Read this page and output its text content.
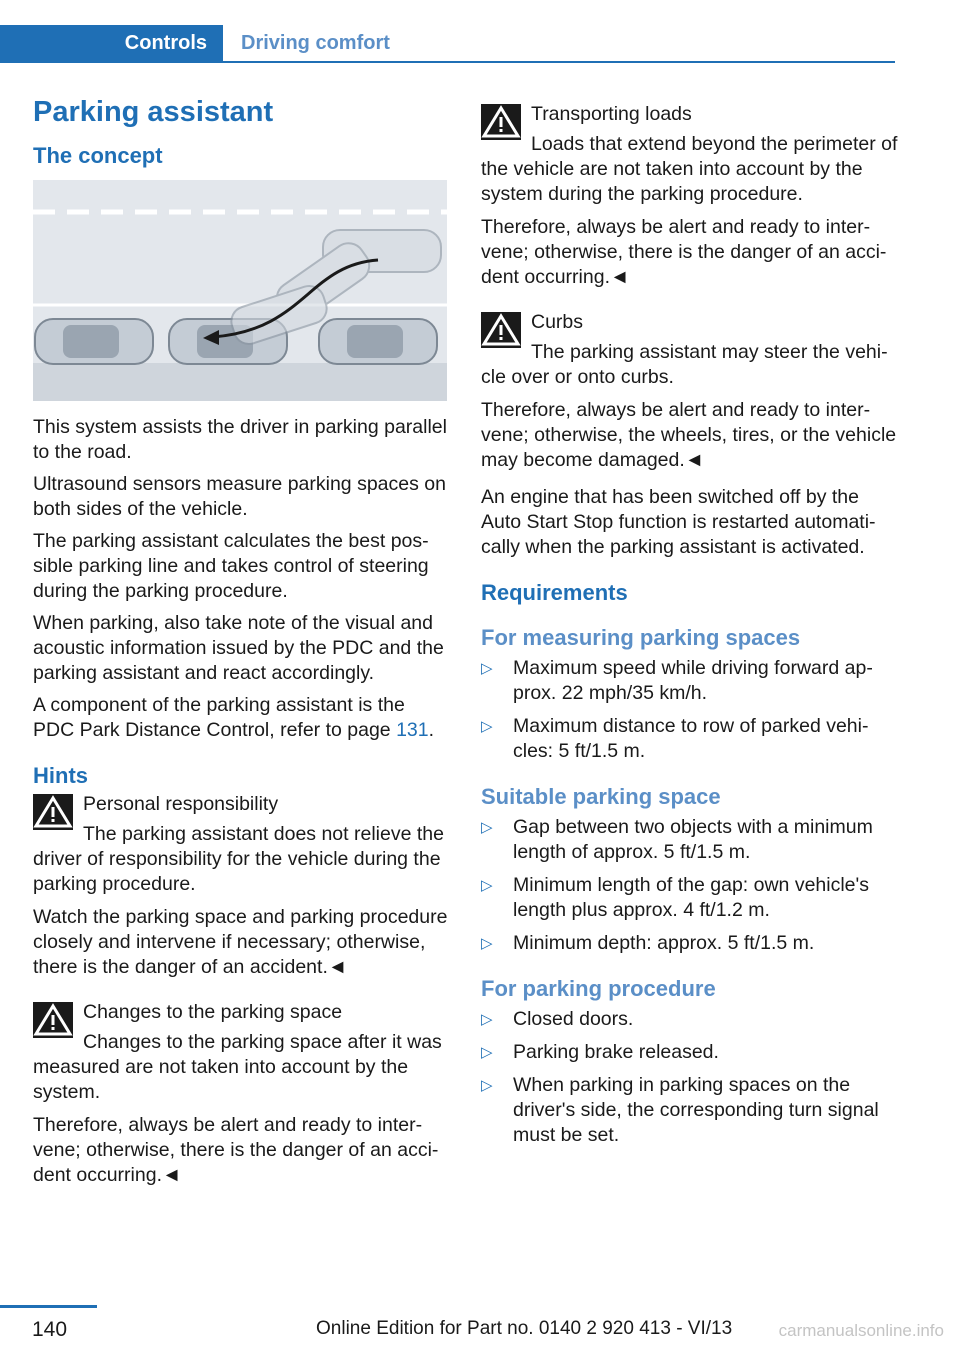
Controls	Driving comfort
Parking assistant
The concept

This system assists the driver in parking parallel to the road.

Ultrasound sensors measure parking spaces on both sides of the vehicle.

The parking assistant calculates the best possible parking line and takes control of steering during the parking procedure.

When parking, also take note of the visual and acoustic information issued by the PDC and the parking assistant and react accordingly.

A component of the parking assistant is the PDC Park Distance Control, refer to page 131.

Hints
Personal responsibility
The parking assistant does not relieve the driver of responsibility for the vehicle during the parking procedure.

Watch the parking space and parking procedure closely and intervene if necessary; otherwise, there is the danger of an accident.◄

Changes to the parking space
Changes to the parking space after it was measured are not taken into account by the system.

Therefore, always be alert and ready to intervene; otherwise, there is the danger of an accident occurring.◄

Transporting loads
Loads that extend beyond the perimeter of the vehicle are not taken into account by the system during the parking procedure.

Therefore, always be alert and ready to intervene; otherwise, there is the danger of an accident occurring.◄

Curbs
The parking assistant may steer the vehicle over or onto curbs.

Therefore, always be alert and ready to intervene; otherwise, the wheels, tires, or the vehicle may become damaged.◄

An engine that has been switched off by the Auto Start Stop function is restarted automatically when the parking assistant is activated.

Requirements
For measuring parking spaces
▷	Maximum speed while driving forward approx. 22 mph/35 km/h.
▷	Maximum distance to row of parked vehicles: 5 ft/1.5 m.
Suitable parking space
▷	Gap between two objects with a minimum length of approx. 5 ft/1.5 m.
▷	Minimum length of the gap: own vehicle's length plus approx. 4 ft/1.2 m.
▷	Minimum depth: approx. 5 ft/1.5 m.
For parking procedure
▷	Closed doors.
▷	Parking brake released.
▷	When parking in parking spaces on the driver's side, the corresponding turn signal must be set.
140	Online Edition for Part no. 0140 2 920 413 - VI/13	carmanualsonline.info
